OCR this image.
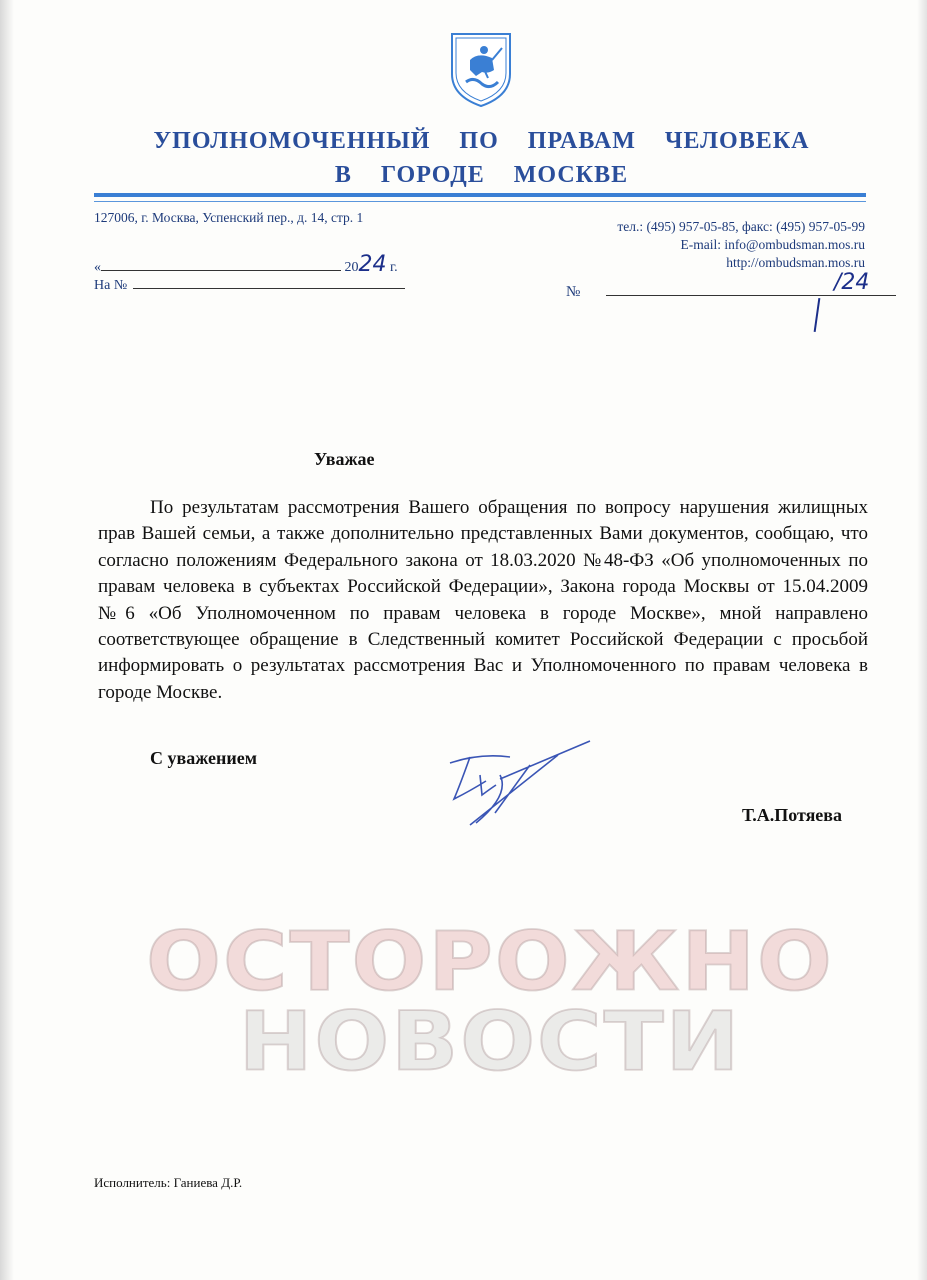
УПОЛНОМОЧЕННЫЙ ПО ПРАВАМ ЧЕЛОВЕКА
В ГОРОДЕ МОСКВЕ
127006, г. Москва, Успенский пер., д. 14, стр. 1
тел.: (495) 957-05-85, факс: (495) 957-05-99
E-mail: info@ombudsman.mos.ru
http://ombudsman.mos.ru
«	2024 г.
На №	№	/24
Уважае
По результатам рассмотрения Вашего обращения по вопросу нарушения жилищных прав Вашей семьи, а также дополнительно представленных Вами документов, сообщаю, что согласно положениям Федерального закона от 18.03.2020 №48-ФЗ «Об уполномоченных по правам человека в субъектах Российской Федерации», Закона города Москвы от 15.04.2009 №6 «Об Уполномоченном по правам человека в городе Москве», мной направлено соответствующее обращение в Следственный комитет Российской Федерации с просьбой информировать о результатах рассмотрения Вас и Уполномоченного по правам человека в городе Москве.
С уважением
Т.А.Потяева
ОСТОРОЖНО
НОВОСТИ
Исполнитель: Ганиева Д.Р.
